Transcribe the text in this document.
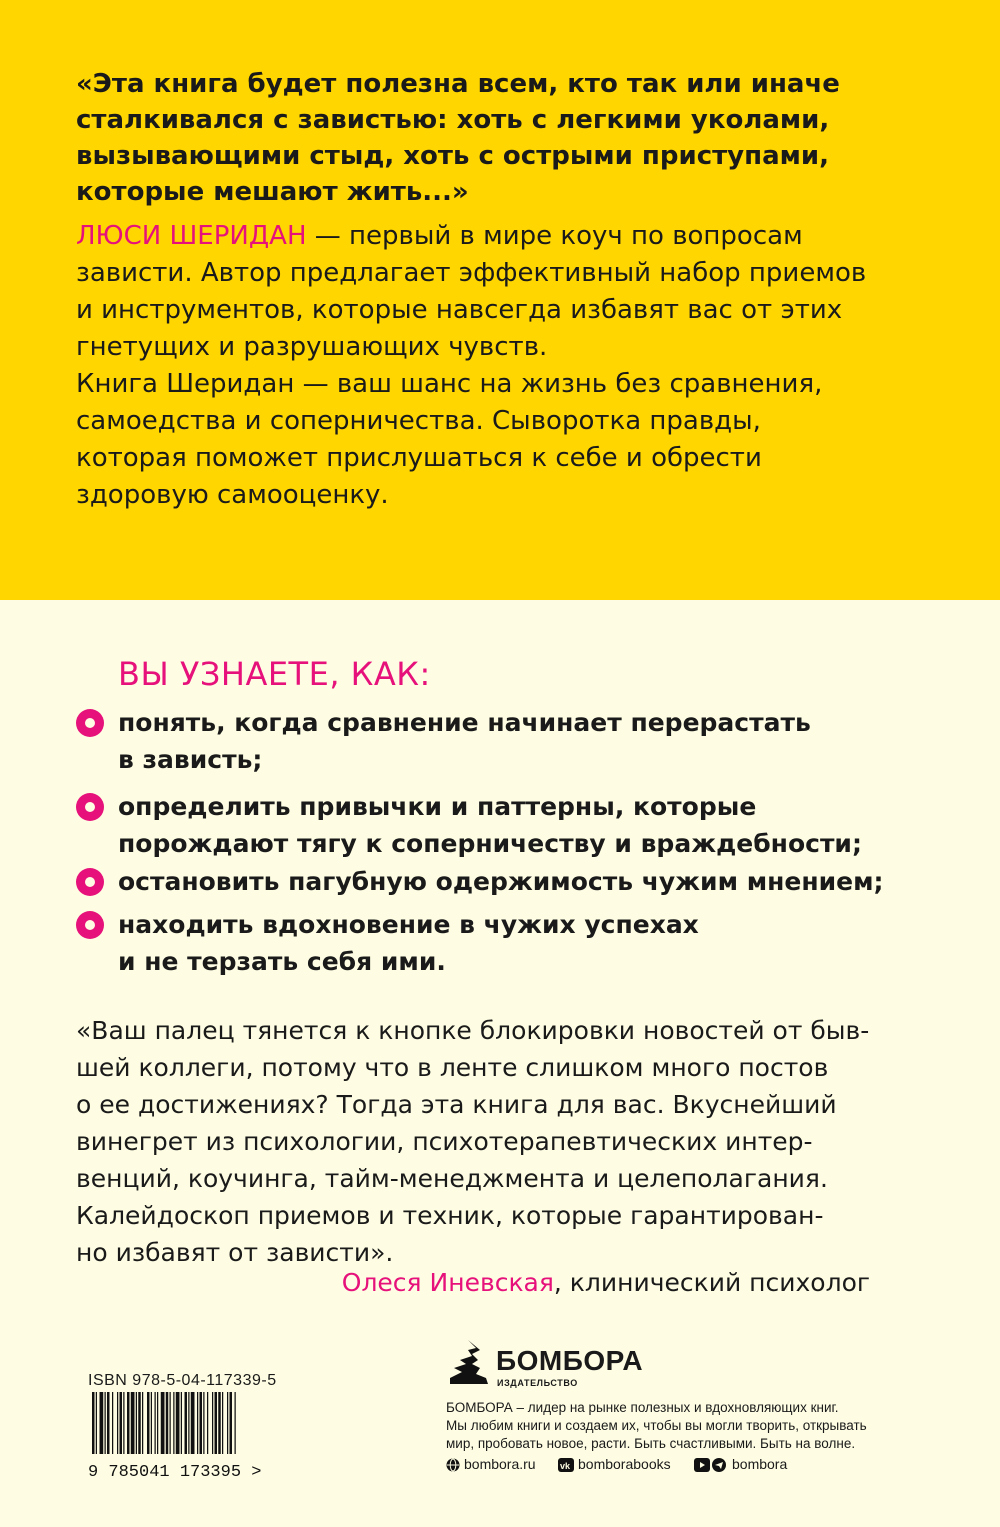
«Эта книга будет полезна всем, кто так или иначе
сталкивался с завистью: хоть с легкими уколами,
вызывающими стыд, хоть с острыми приступами,
которые мешают жить...»

ЛЮСИ ШЕРИДАН — первый в мире коуч по вопросам
зависти. Автор предлагает эффективный набор приемов
и инструментов, которые навсегда избавят вас от этих
гнетущих и разрушающих чувств.

Книга Шеридан — ваш шанс на жизнь без сравнения,
самоедства и соперничества. Сыворотка правды,
которая поможет прислушаться к себе и обрести
здоровую самооценку.

ВЫ УЗНАЕТЕ, КАК:

понять, когда сравнение начинает перерастать
в зависть;

определить привычки и паттерны, которые
порождают тягу к соперничеству и враждебности;

остановить пагубную одержимость чужим мнением;

находить вдохновение в чужих успехах
и не терзать себя ими.

«Ваш палец тянется к кнопке блокировки новостей от быв-
шей коллеги, потому что в ленте слишком много постов
о ее достижениях? Тогда эта книга для вас. Вкуснейший
винегрет из психологии, психотерапевтических интер-
венций, коучинга, тайм-менеджмента и целеполагания.
Калейдоскоп приемов и техник, которые гарантирован-
но избавят от зависти».

Олеся Иневская, клинический психолог

ISBN 978-5-04-117339-5
9 785041 173395 >

БОМБОРА

ИЗДАТЕЛЬСТВО

БОМБОРА – лидер на рынке полезных и вдохновляющих книг.
Мы любим книги и создаем их, чтобы вы могли творить, открывать
мир, пробовать новое, расти. Быть счастливыми. Быть на волне.

bombora.ru	vk bomborabooks	bombora
